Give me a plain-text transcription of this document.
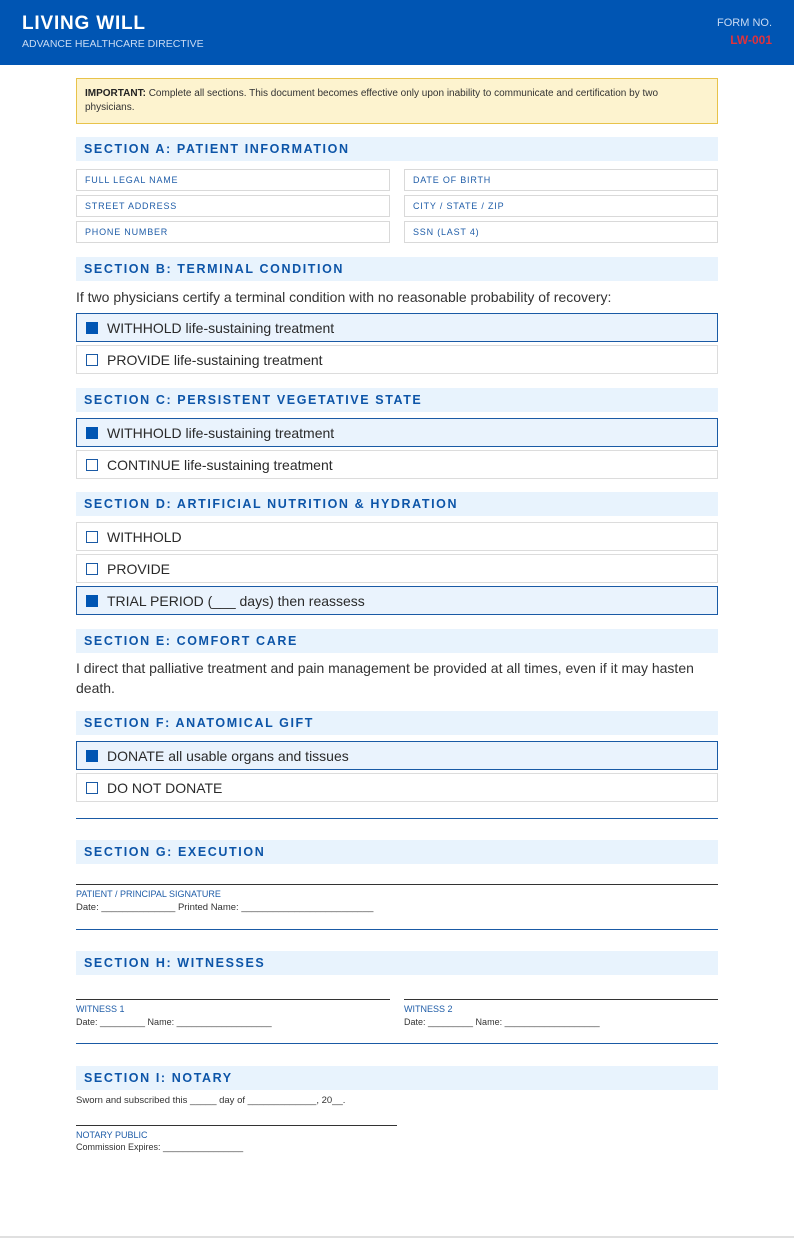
LIVING WILL
ADVANCE HEALTHCARE DIRECTIVE
FORM NO.
LW-001
IMPORTANT: Complete all sections. This document becomes effective only upon inability to communicate and certification by two physicians.
SECTION A: PATIENT INFORMATION
FULL LEGAL NAME	DATE OF BIRTH
STREET ADDRESS	CITY / STATE / ZIP
PHONE NUMBER	SSN (LAST 4)
SECTION B: TERMINAL CONDITION
If two physicians certify a terminal condition with no reasonable probability of recovery:
WITHHOLD life-sustaining treatment
PROVIDE life-sustaining treatment
SECTION C: PERSISTENT VEGETATIVE STATE
WITHHOLD life-sustaining treatment
CONTINUE life-sustaining treatment
SECTION D: ARTIFICIAL NUTRITION & HYDRATION
WITHHOLD
PROVIDE
TRIAL PERIOD (___ days) then reassess
SECTION E: COMFORT CARE
I direct that palliative treatment and pain management be provided at all times, even if it may hasten death.
SECTION F: ANATOMICAL GIFT
DONATE all usable organs and tissues
DO NOT DONATE
SECTION G: EXECUTION
PATIENT / PRINCIPAL SIGNATURE
Date: ______________ Printed Name: _________________________
SECTION H: WITNESSES
WITNESS 1
Date: _________ Name: ___________________
WITNESS 2
Date: _________ Name: ___________________
SECTION I: NOTARY
Sworn and subscribed this _____ day of _____________, 20__.
NOTARY PUBLIC
Commission Expires: ________________
